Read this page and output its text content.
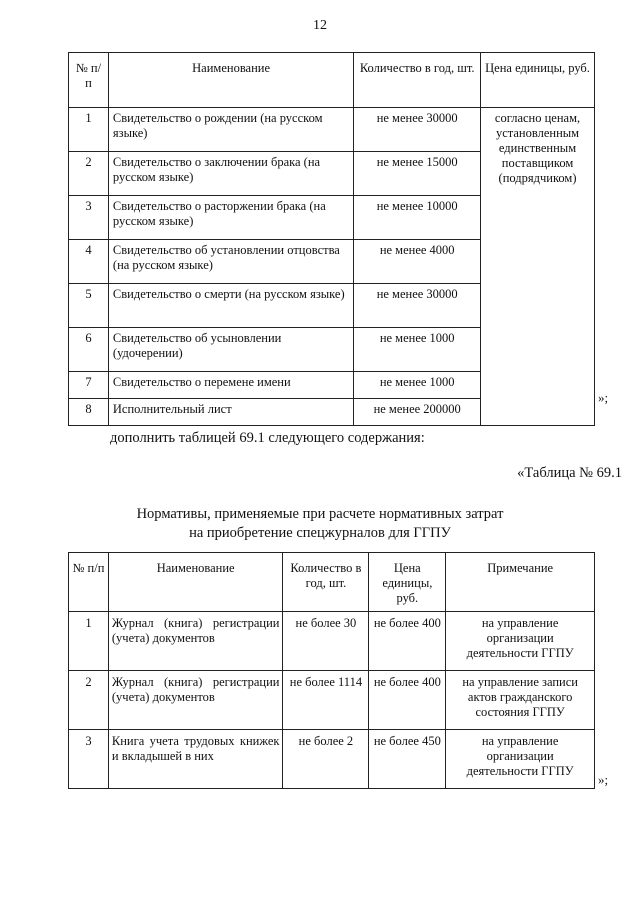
12
№ п/п	Наименование	Количество в год, шт.	Цена единицы, руб.
1	Свидетельство о рождении (на русском языке)	не менее 30000	согласно ценам, установленным единственным поставщиком (подрядчиком)
2	Свидетельство о заключении брака (на русском языке)	не менее 15000	
3	Свидетельство о расторжении брака (на русском языке)	не менее 10000	
4	Свидетельство об установлении отцовства (на русском языке)	не менее 4000	
5	Свидетельство о смерти (на русском языке)	не менее 30000	
6	Свидетельство об усыновлении (удочерении)	не менее 1000	
7	Свидетельство о перемене имени	не менее 1000	
8	Исполнительный лист	не менее 200000	
»;
дополнить таблицей 69.1 следующего содержания:
«Таблица № 69.1
Нормативы, применяемые при расчете нормативных затрат
на приобретение спецжурналов для ГГПУ
№ п/п	Наименование	Количество в год, шт.	Цена единицы, руб.	Примечание
1	Журнал (книга) регистрации (учета) документов	не более 30	не более 400	на управление организации деятельности ГГПУ
2	Журнал (книга) регистрации (учета) документов	не более 1114	не более 400	на управление записи актов гражданского состояния ГГПУ
3	Книга учета трудовых книжек и вкладышей в них	не более 2	не более 450	на управление организации деятельности ГГПУ
»;
